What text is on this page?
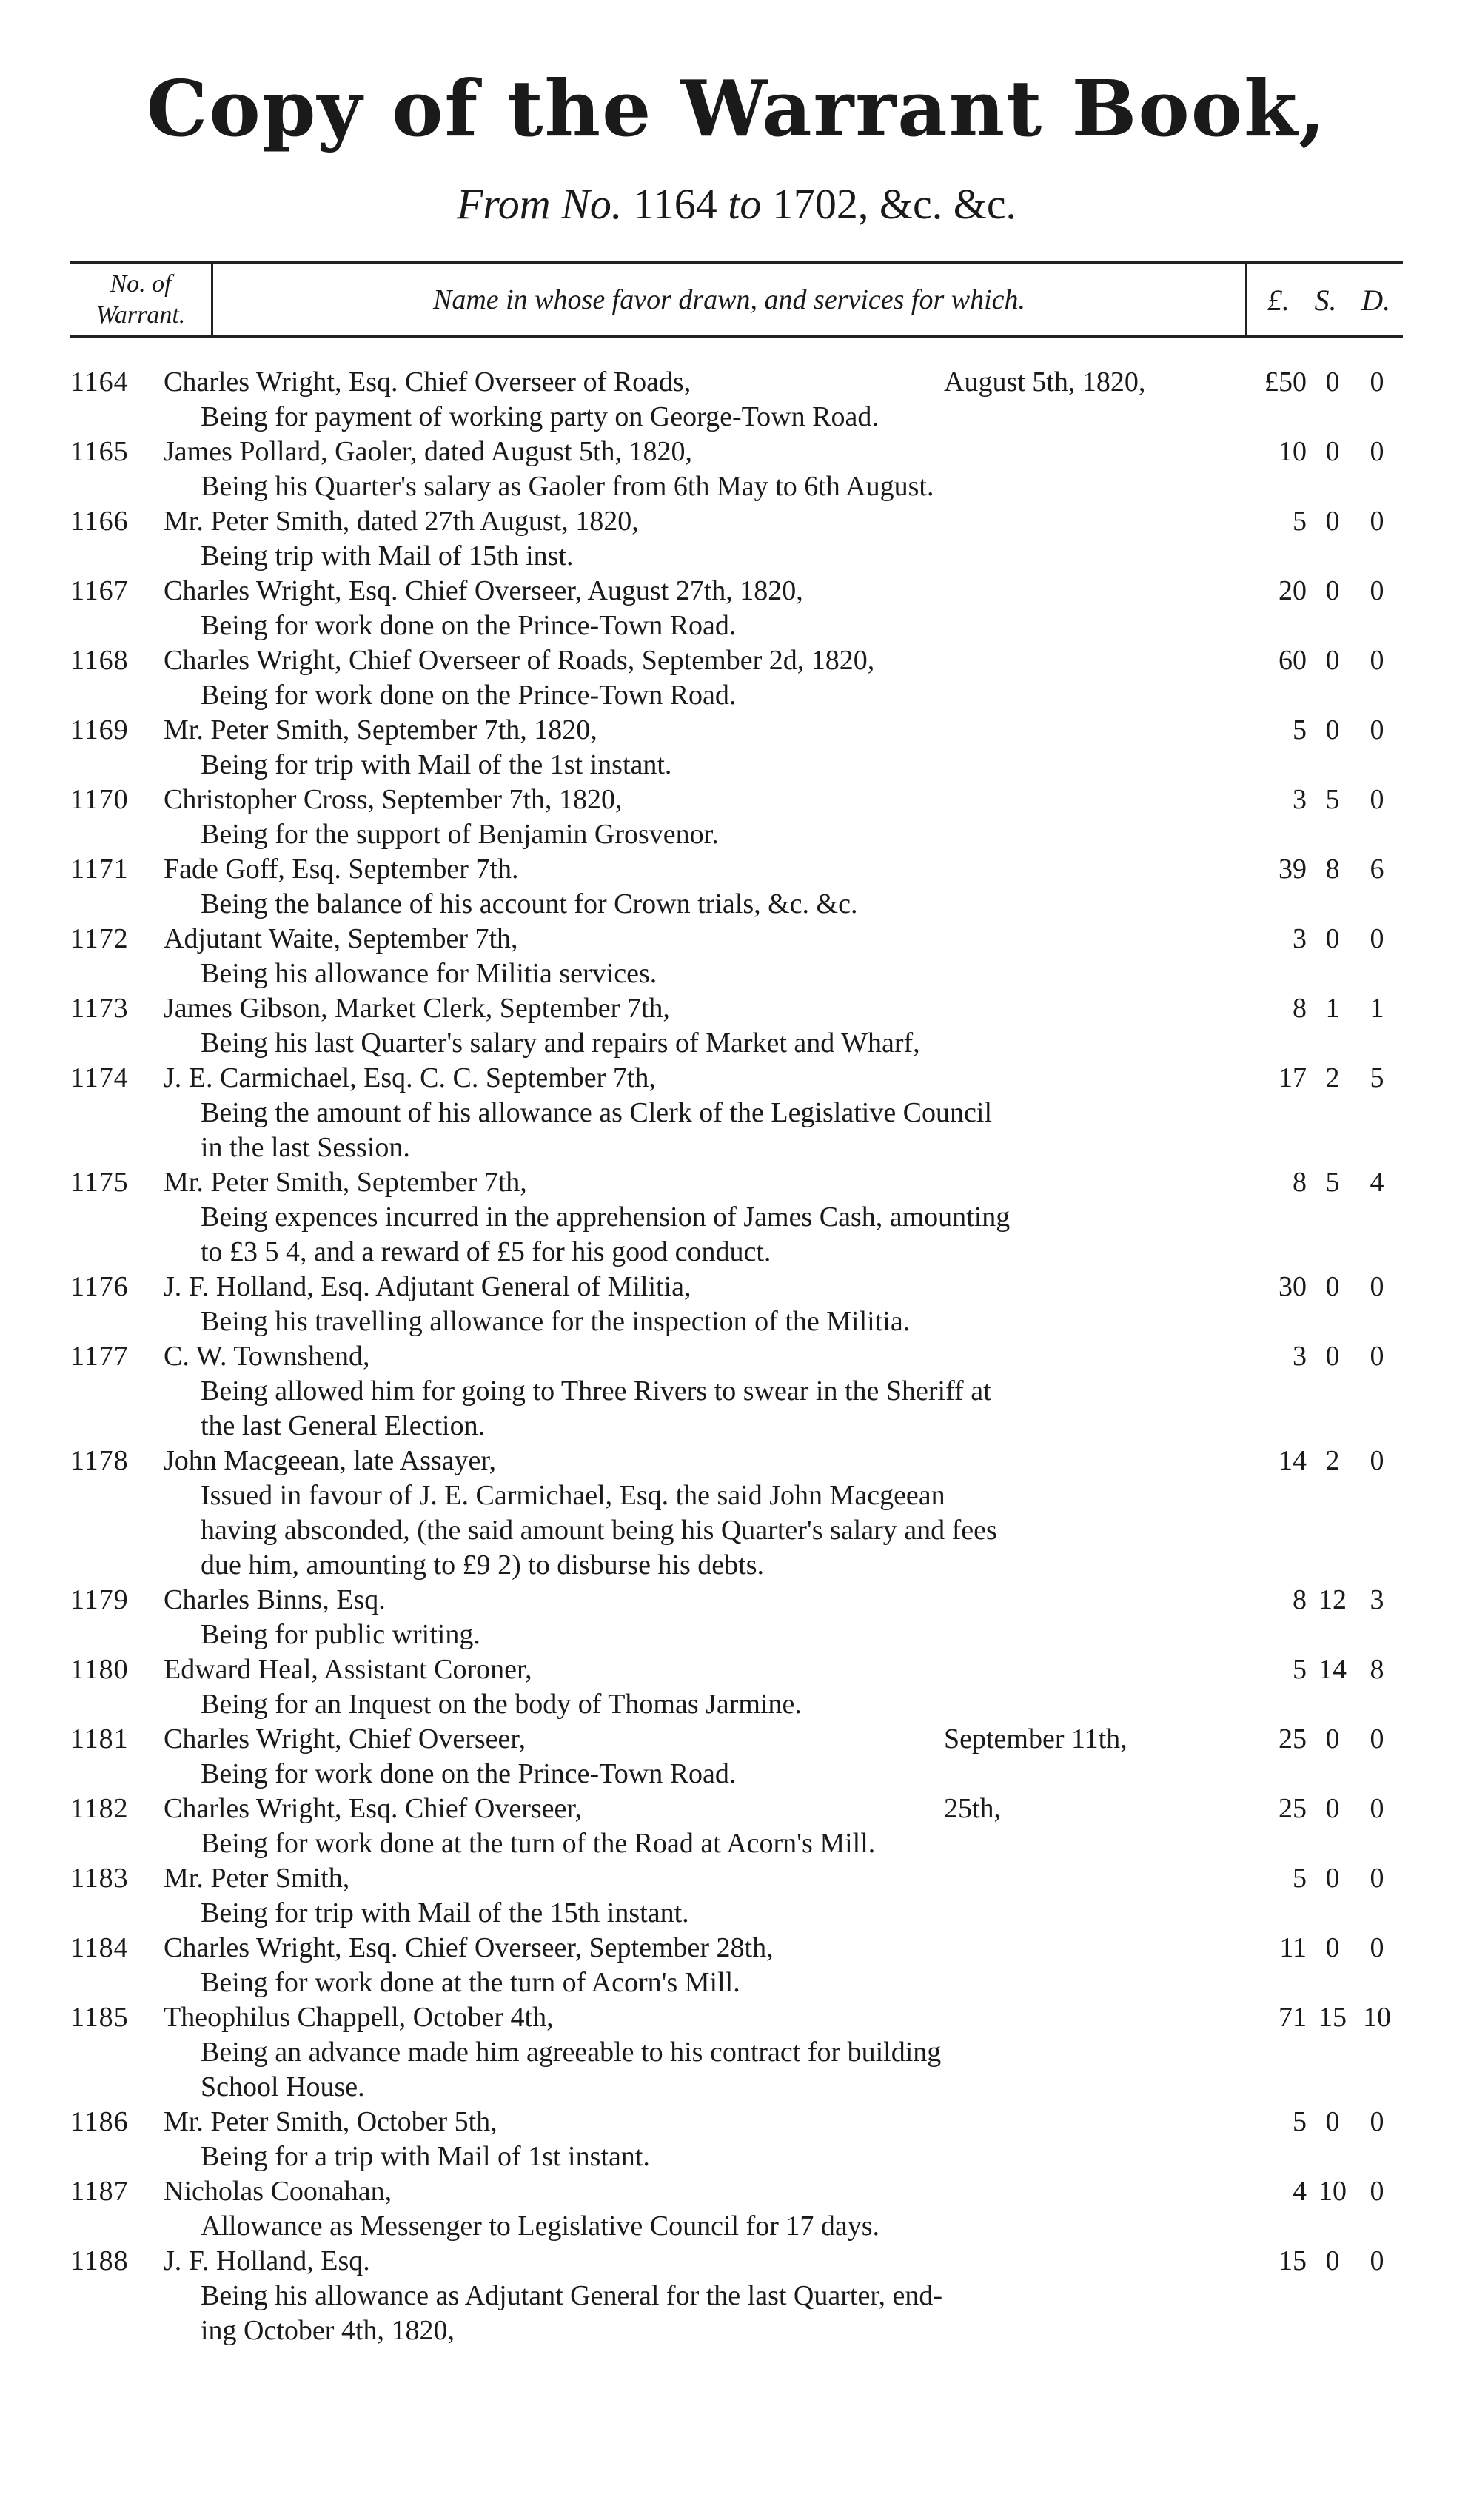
Copy of the Warrant Book,
From No. 1164 to 1702, &c. &c.
No. of
Warrant.	Name in whose favor drawn, and services for which.	£. S. D.
1164	Charles Wright, Esq. Chief Overseer of Roads,	August 5th, 1820,	£50 0	0
Being for payment of working party on George-Town Road.
1165	James Pollard, Gaoler, dated August 5th, 1820,	10 0	0
Being his Quarter's salary as Gaoler from 6th May to 6th August.
1166	Mr. Peter Smith, dated 27th August, 1820,	5 0	0
Being trip with Mail of 15th inst.
1167	Charles Wright, Esq. Chief Overseer, August 27th, 1820,	20 0	0
Being for work done on the Prince-Town Road.
1168	Charles Wright, Chief Overseer of Roads, September 2d, 1820,	60 0	0
Being for work done on the Prince-Town Road.
1169	Mr. Peter Smith, September 7th, 1820,	5 0	0
Being for trip with Mail of the 1st instant.
1170	Christopher Cross, September 7th, 1820,	3 5	0
Being for the support of Benjamin Grosvenor.
1171	Fade Goff, Esq. September 7th.	39 8	6
Being the balance of his account for Crown trials, &c. &c.
1172	Adjutant Waite, September 7th,	3 0	0
Being his allowance for Militia services.
1173	James Gibson, Market Clerk, September 7th,	8 1	1
Being his last Quarter's salary and repairs of Market and Wharf,
1174	J. E. Carmichael, Esq. C. C. September 7th,	17 2	5
Being the amount of his allowance as Clerk of the Legislative Council
in the last Session.
1175	Mr. Peter Smith, September 7th,	8 5	4
Being expences incurred in the apprehension of James Cash, amounting
to £3 5 4, and a reward of £5 for his good conduct.
1176	J. F. Holland, Esq. Adjutant General of Militia,	30 0	0
Being his travelling allowance for the inspection of the Militia.
1177	C. W. Townshend,	3 0	0
Being allowed him for going to Three Rivers to swear in the Sheriff at
the last General Election.
1178	John Macgeean, late Assayer,	14 2	0
Issued in favour of J. E. Carmichael, Esq. the said John Macgeean
having absconded, (the said amount being his Quarter's salary and fees
due him, amounting to £9 2) to disburse his debts.
1179	Charles Binns, Esq.	8 12 3
Being for public writing.
1180	Edward Heal, Assistant Coroner,	5 14 8
Being for an Inquest on the body of Thomas Jarmine.
1181	Charles Wright, Chief Overseer,	September 11th,	25 0	0
Being for work done on the Prince-Town Road.
1182	Charles Wright, Esq. Chief Overseer,	25th,	25 0	0
Being for work done at the turn of the Road at Acorn's Mill.
1183	Mr. Peter Smith,	5 0	0
Being for trip with Mail of the 15th instant.
1184	Charles Wright, Esq. Chief Overseer, September 28th,	11 0	0
Being for work done at the turn of Acorn's Mill.
1185	Theophilus Chappell, October 4th,	71 15 10
Being an advance made him agreeable to his contract for building
School House.
1186	Mr. Peter Smith, October 5th,	5 0	0
Being for a trip with Mail of 1st instant.
1187	Nicholas Coonahan,	4 10 0
Allowance as Messenger to Legislative Council for 17 days.
1188	J. F. Holland, Esq.	15 0	0
Being his allowance as Adjutant General for the last Quarter, end-
ing October 4th, 1820,
